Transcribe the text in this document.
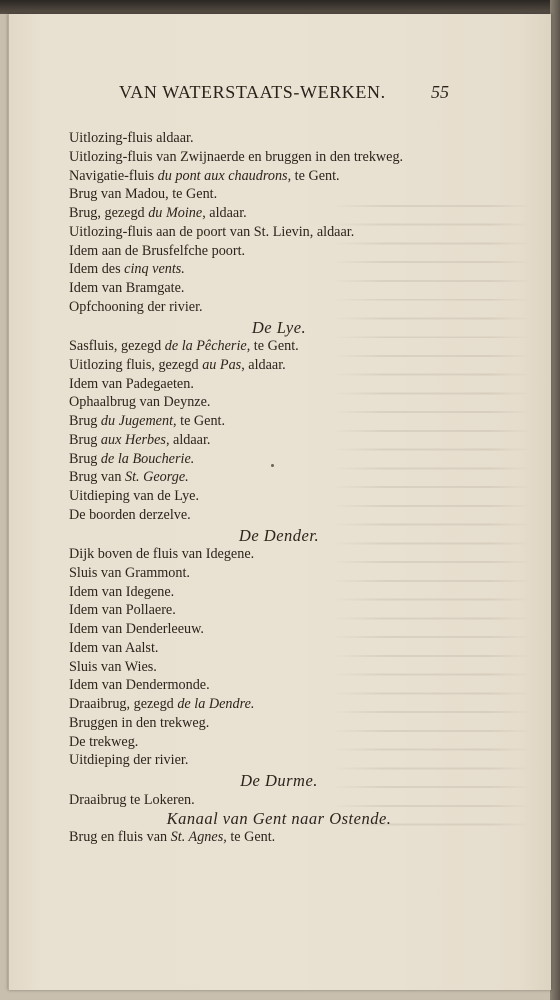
VAN WATERSTAATS-WERKEN.	55
Uitlozing-fluis aldaar.
Uitlozing-fluis van Zwijnaerde en bruggen in den trekweg.
Navigatie-fluis du pont aux chaudrons, te Gent.
Brug van Madou, te Gent.
Brug, gezegd du Moine, aldaar.
Uitlozing-fluis aan de poort van St. Lievin, aldaar.
Idem aan de Brusfelfche poort.
Idem des cinq vents.
Idem van Bramgate.
Opfchooning der rivier.
De Lye.
Sasfluis, gezegd de la Pêcherie, te Gent.
Uitlozing fluis, gezegd au Pas, aldaar.
Idem van Padegaeten.
Ophaalbrug van Deynze.
Brug du Jugement, te Gent.
Brug aux Herbes, aldaar.
Brug de la Boucherie.
Brug van St. George.
Uitdieping van de Lye.
De boorden derzelve.
De Dender.
Dijk boven de fluis van Idegene.
Sluis van Grammont.
Idem van Idegene.
Idem van Pollaere.
Idem van Denderleeuw.
Idem van Aalst.
Sluis van Wies.
Idem van Dendermonde.
Draaibrug, gezegd de la Dendre.
Bruggen in den trekweg.
De trekweg.
Uitdieping der rivier.
De Durme.
Draaibrug te Lokeren.
Kanaal van Gent naar Ostende.
Brug en fluis van St. Agnes, te Gent.
